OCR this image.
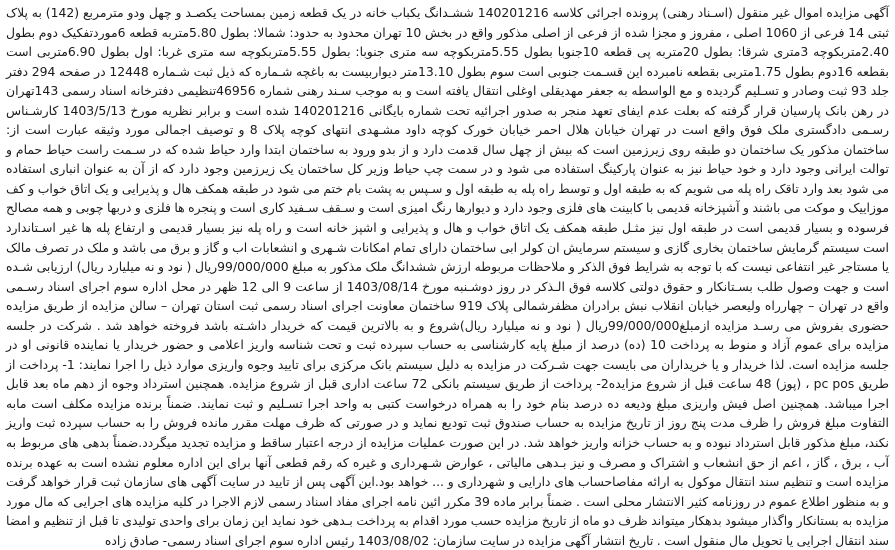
آگهی مزایده اموال غیر منقول (اسـناد رهنی) پرونده اجرائی کلاسه 140201216 ششـدانگ یکباب خانه در یک قطعه زمین بمساحت یکصـد و چهل ودو مترمربع (142) به پلاک ثبتی 14 فرعی از 1060 اصلی ، مفروز و مجزا شده از فرعی از اصلی مذکور واقع در بخش 10 تهران محدود به حدود: شمالا: بطول 5.80متربه قطعه 6موردتفکیک دوم بطول 2.40متربکوچه 3متری شرقا: بطول 20متربه پی قطعه 10جنوبا بطول 5.55متربکوچه سه متری جنوبا: بطول 5.55متربکوچه سه متری غربا: اول بطول 6.90متربی است بقطعه 16دوم بطول 1.75متربی بقطعه نامبرده این قسـمت جنوبی است سوم بطول 13.10متر دیواربیست به باغچه شـماره که ذیل ثبت شـماره 12448 در صفحه 294 دفتر جلد 93 ثبت وصادر و تسـلیم گردیده و مع الواسطه به جعفر مهدیقلی اوغلی انتقال یافته است و به موجب سـند رهنی شماره 46956تنظیمی دفترخانه اسناد رسمی 143تهران در رهن بانک پارسیان قرار گرفته که بعلت عدم ایفای تعهد منجر به صدور اجرائیه تحت شماره بایگانی 140201216 شده است و برابر نظریه مورخ 1403/5/13 کارشـناس رسـمی دادگستری ملک فوق واقع است در تهران خیابان هلال احمر خیابان خورک کوچه داود مشـهدی انتهای کوچه پلاک 8 و توصیف اجمالی مورد وثیقه عبارت است از: ساختمان مذکور یک ساختمان دو طبقه روی زیرزمین است که بیش از چهل سال قدمت دارد و از بدو ورود به ساختمان ابتدا وارد حیاط شده که در سـمت راست حیاط حمام و توالت ایرانی وجود دارد و خود حیاط نیز به عنوان پارکینگ استفاده می شود و در سمت چپ حیاط وزیر کل ساختمان یک زیرزمین وجود دارد که از آن به عنوان انباری استفاده می شود بعد وارد تاقک راه پله می شویم که به طبقه اول و توسط راه پله به طبقه اول و سـپس به پشت بام ختم می شود در طبقه همکف هال و پذیرایی و یک اتاق خواب و کف موزاییک و موکت می باشند و آشپزخانه قدیمی با کابینت های فلزی وجود دارد و دیوارها رنگ امیزی است و سـقف سـفید کاری است و پنجره ها فلزی و دربها چوبی و همه مصالح فرسوده و بسیار قدیمی است در طبقه اول نیز مثـل طبقه همکف یک اتاق خواب و هال و پذیرایی و اشپز خانه است و راه پله نیز بسیار قدیمی و ارتفاع پله ها غیر اسـتاندارد است سیستم گرمایش ساختمان بخاری گازی و سیستم سرمایش ان کولر ابی ساختمان دارای تمام امکانات شـهری و انشعابات اب و گاز و برق می باشد و ملک در تصرف مالک یا مستاجر غیر انتفاعی نیست که با توجه به شرایط فوق الذکر و ملاحظات مربوطه ارزش ششدانگ ملک مذکور به مبلغ 99/000/000ریال ( نود و نه میلیارد ریال) ارزیابی شـده است و جهت وصول طلب بسـتانکار و حقوق دولتی کلاسه فوق الـذکر در روز دوشـنبه مورخ 1403/08/14 از ساعت 9 الی 12 ظهر در محل اداره سوم اجرای اسناد رسـمی واقع در تهران – چهارراه ولیعصر خیابان انقلاب نبش برادران مظفرشمالی پلاک 919 ساختمان معاونت اجرای اسناد رسمی ثبت استان تهران – سالن مزایده از طریق مزایده حضوری بفروش می رسـد مزایده ازمبلغ99/000/000ریال ( نود و نه میلیارد ریال)شروع و به بالاترین قیمت که خریدار داشـته باشد فروخته خواهد شد . شرکت در جلسه مزایده برای عموم آزاد و منوط به پرداخت 10 (ده) درصد از مبلغ پایه کارشناسی به حساب سپرده ثبت و تحت شناسه واریز اعلامی و حضور خریدار یا نماینده قانونی او در جلسه مزایده است. لذا خریدار و یا خریداران می بایست جهت شـرکت در مزایده به دلیل سیستم بانک مرکزی برای تایید وجوه واریزی موارد ذیل را اجرا نمایند: 1- پرداخت از طریق pc pos ، (پوز) 48 ساعت قبل از شروع مزایده2- پرداخت از طریق سیستم بانکی 72 ساعت اداری قبل از شروع مزایده. همچنین استرداد وجوه از دهم ماه بعد قابل اجرا میباشد. همچنین اصل فیش واریزی مبلغ ودیعه ده درصد بنام خود را به همراه درخواست کتبی به واحد اجرا تسـلیم و ثبت نمایند. ضمناً برنده مزایده مکلف است مابه التفاوت مبلغ فروش را ظرف مدت پنج روز از تاریخ مزایده به حساب صندوق ثبت تودیع نماید و در صورتی که ظرف مهلت مقرر مانده فروش را به حساب سپرده ثبت واریز نکند، مبلغ مذکور قابل استرداد نبوده و به حساب خزانه واریز خواهد شد. در این صورت عملیات مزایده از درجه اعتبار ساقط و مزایده تجدید میگردد.ضمناً بدهی های مربوط به آب ، برق ، گاز ، اعم از حق انشعاب و اشتراک و مصرف و نیز بـدهی مالیاتی ، عوارض شـهرداری و غیره که رقم قطعی آنها برای این اداره معلوم نشده است به عهده برنده مزایده است و تنظیم سند انتقال موکول به ارائه مفاصاحساب های دارایی و شهرداری و ... خواهد بود.این آگهی پس از تایید در سایت آگهی های سازمان ثبت قرار خواهد گرفت و به منظور اطلاع عموم در روزنامه کثیر الانتشار محلی است . ضمناً برابر ماده 39 مکرر ائین نامه اجرای مفاد اسناد رسمی لازم الاجرا در کلیه مزایده های اجرایی که مال مورد مزایده به بستانکار واگذار میشود بدهکار میتواند ظرف دو ماه از تاریخ مزایده حسب مورد اقدام به پرداخت بـدهی خود نماید این زمان برای واحدی تولیدی تا قبل از تنظیم و امضا سند انتقال اجرایی یا تحویل مال منقول است . تاریخ انتشار آگهی مزایده در سایت سازمان: 1403/08/02 رئیس اداره سوم اجرای اسناد رسمی- صادق زاده
